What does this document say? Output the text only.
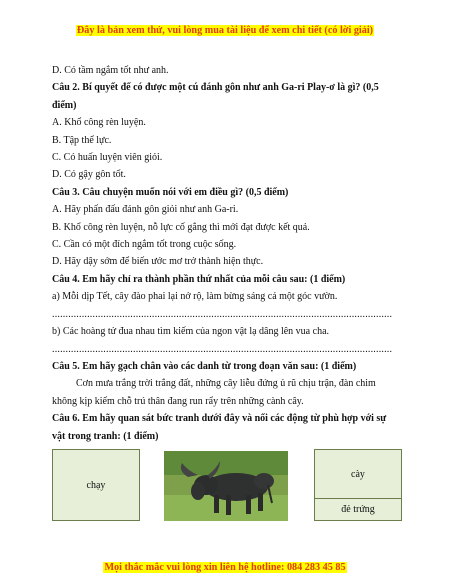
Đây là bản xem thử, vui lòng mua tài liệu để xem chi tiết (có lời giải)

D. Có tầm ngắm tốt như anh.

Câu 2. Bí quyết để có được một cú đánh gôn như anh Ga-ri Play-ơ là gì? (0,5 điểm)

A. Khổ công rèn luyện.

B. Tập thể lực.

C. Có huấn luyện viên giỏi.

D. Có gậy gôn tốt.

Câu 3. Câu chuyện muốn nói với em điều gì? (0,5 điểm)

A. Hãy phấn đấu đánh gôn giỏi như anh Ga-ri.

B. Khổ công rèn luyện, nỗ lực cố gắng thì mới đạt được kết quả.

C. Cần có một đích ngắm tốt trong cuộc sống.

D. Hãy dậy sớm để biến ước mơ trở thành hiện thực.

Câu 4. Em hãy chỉ ra thành phần thứ nhất của mỗi câu sau: (1 điểm)

a) Mỗi dịp Tết, cây đào phai lại nở rộ, làm bừng sáng cả một góc vườn.

..............................................................................................................................

b) Các hoàng tử đua nhau tìm kiếm của ngon vật lạ dâng lên vua cha.

..............................................................................................................................

Câu 5. Em hãy gạch chân vào các danh từ trong đoạn văn sau: (1 điểm)

Cơn mưa trắng trời trắng đất, những cây liễu đứng ủ rũ chịu trận, đàn chim không kịp kiếm chỗ trú thân đang run rẩy trên những cành cây.

Câu 6. Em hãy quan sát bức tranh dưới đây và nối các động từ phù hợp với sự vật trong tranh: (1 điểm)

chạy
cày
đẻ trứng
Mọi thắc mắc vui lòng xin liên hệ hotline: 084 283 45 85
